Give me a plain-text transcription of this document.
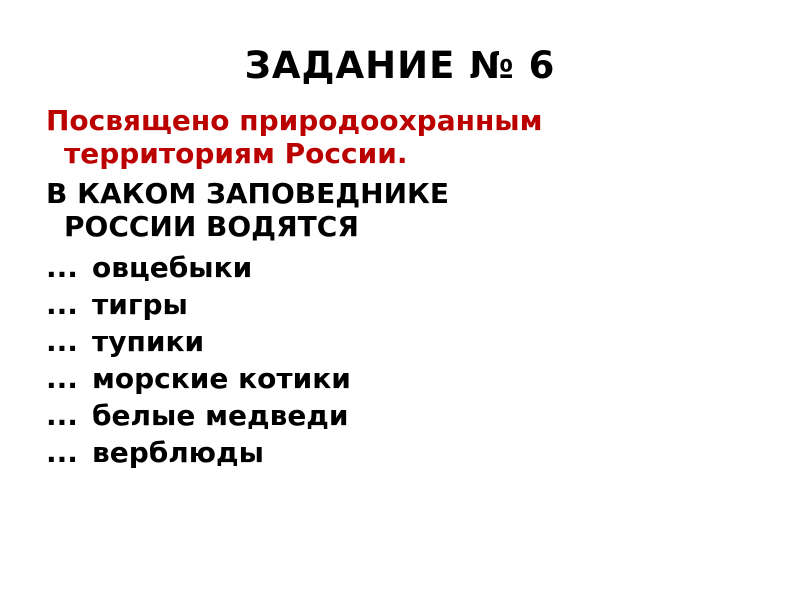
ЗАДАНИЕ № 6
Посвящено природоохранным
территориям России.
В КАКОМ ЗАПОВЕДНИКЕ
РОССИИ ВОДЯТСЯ
... овцебыки
... тигры
... тупики
... морские котики
... белые медведи
... верблюды
